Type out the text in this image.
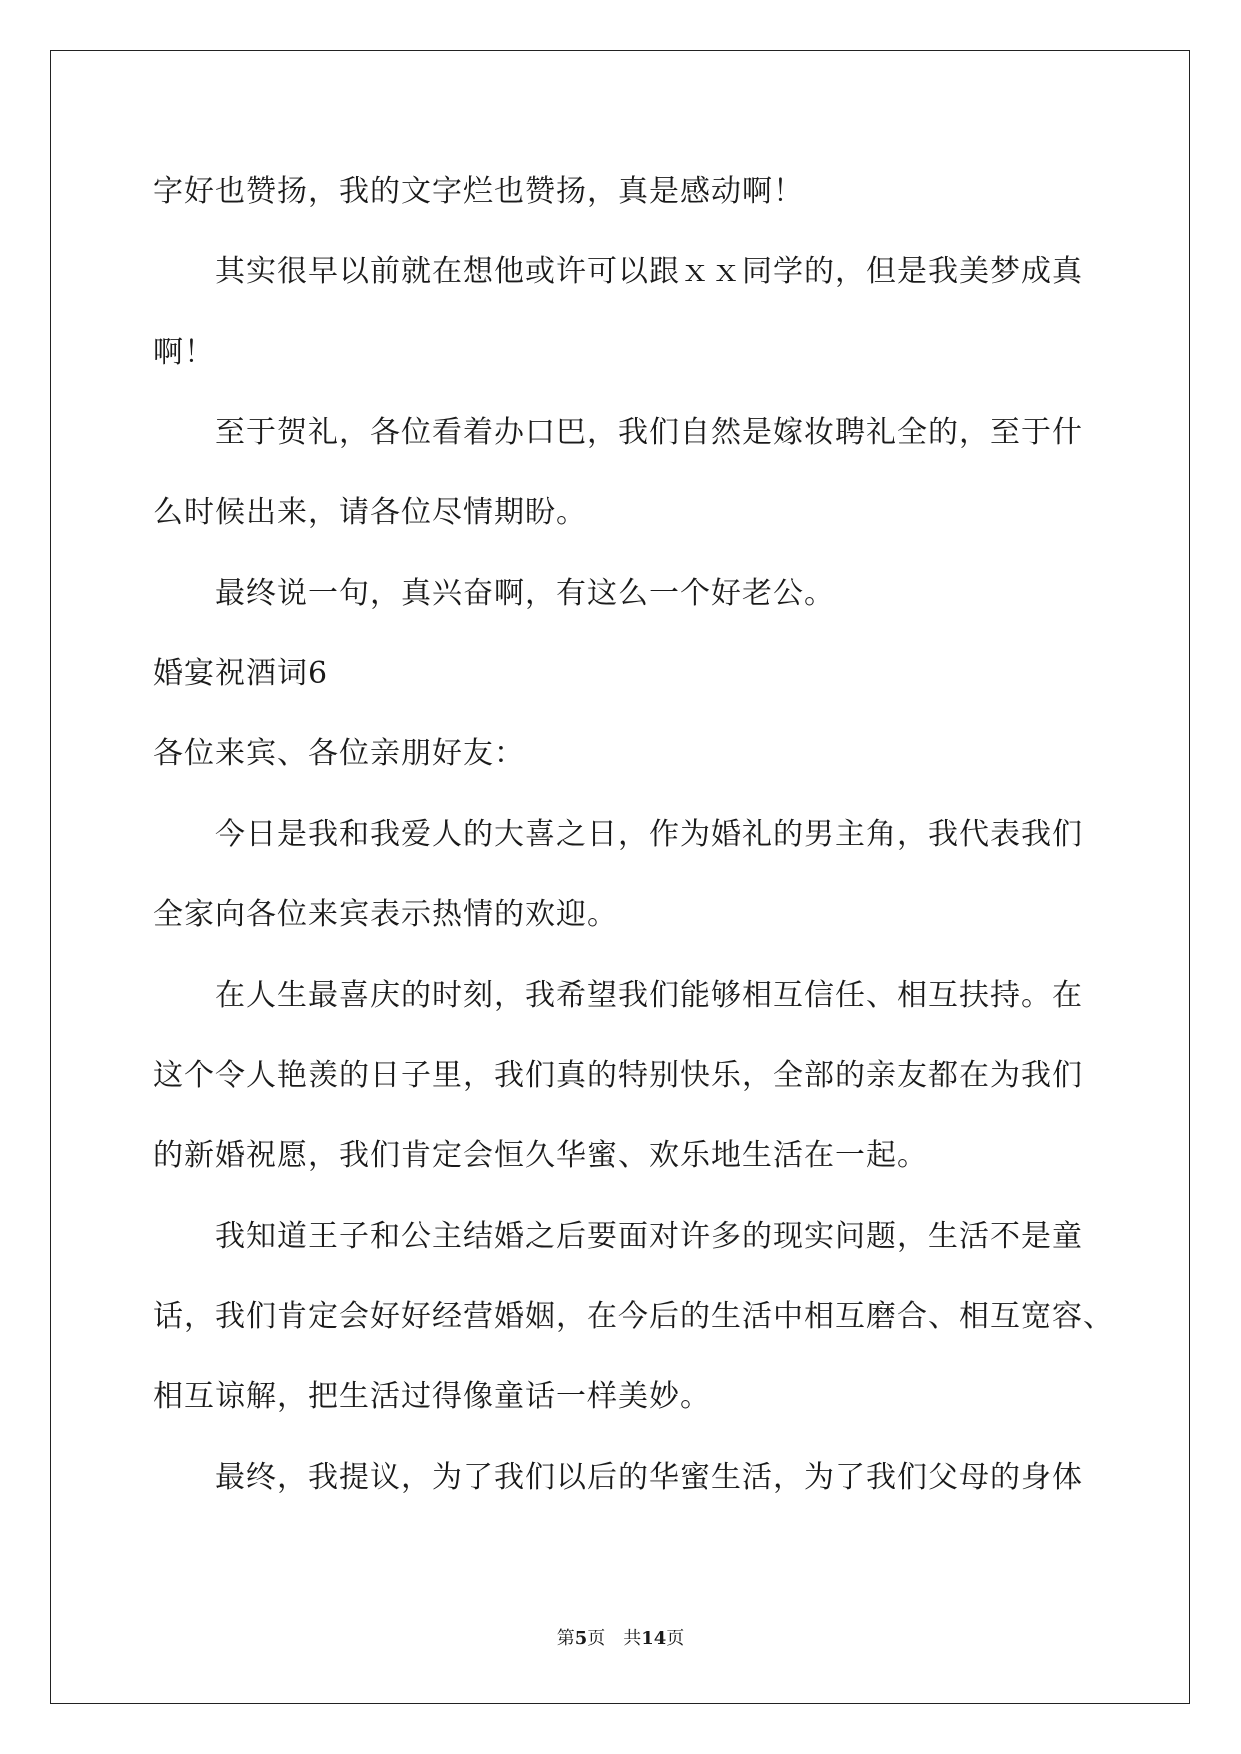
字好也赞扬，我的文字烂也赞扬，真是感动啊！
其实很早以前就在想他或许可以跟ｘｘ同学的，但是我美梦成真
啊！
至于贺礼，各位看着办口巴，我们自然是嫁妆聘礼全的，至于什
么时候出来，请各位尽情期盼。
最终说一句，真兴奋啊，有这么一个好老公。
婚宴祝酒词6
各位来宾、各位亲朋好友：
今日是我和我爱人的大喜之日，作为婚礼的男主角，我代表我们
全家向各位来宾表示热情的欢迎。
在人生最喜庆的时刻，我希望我们能够相互信任、相互扶持。在
这个令人艳羡的日子里，我们真的特别快乐，全部的亲友都在为我们
的新婚祝愿，我们肯定会恒久华蜜、欢乐地生活在一起。
我知道王子和公主结婚之后要面对许多的现实问题，生活不是童
话，我们肯定会好好经营婚姻，在今后的生活中相互磨合、相互宽容、
相互谅解，把生活过得像童话一样美妙。
最终，我提议，为了我们以后的华蜜生活，为了我们父母的身体
第5页　共14页
